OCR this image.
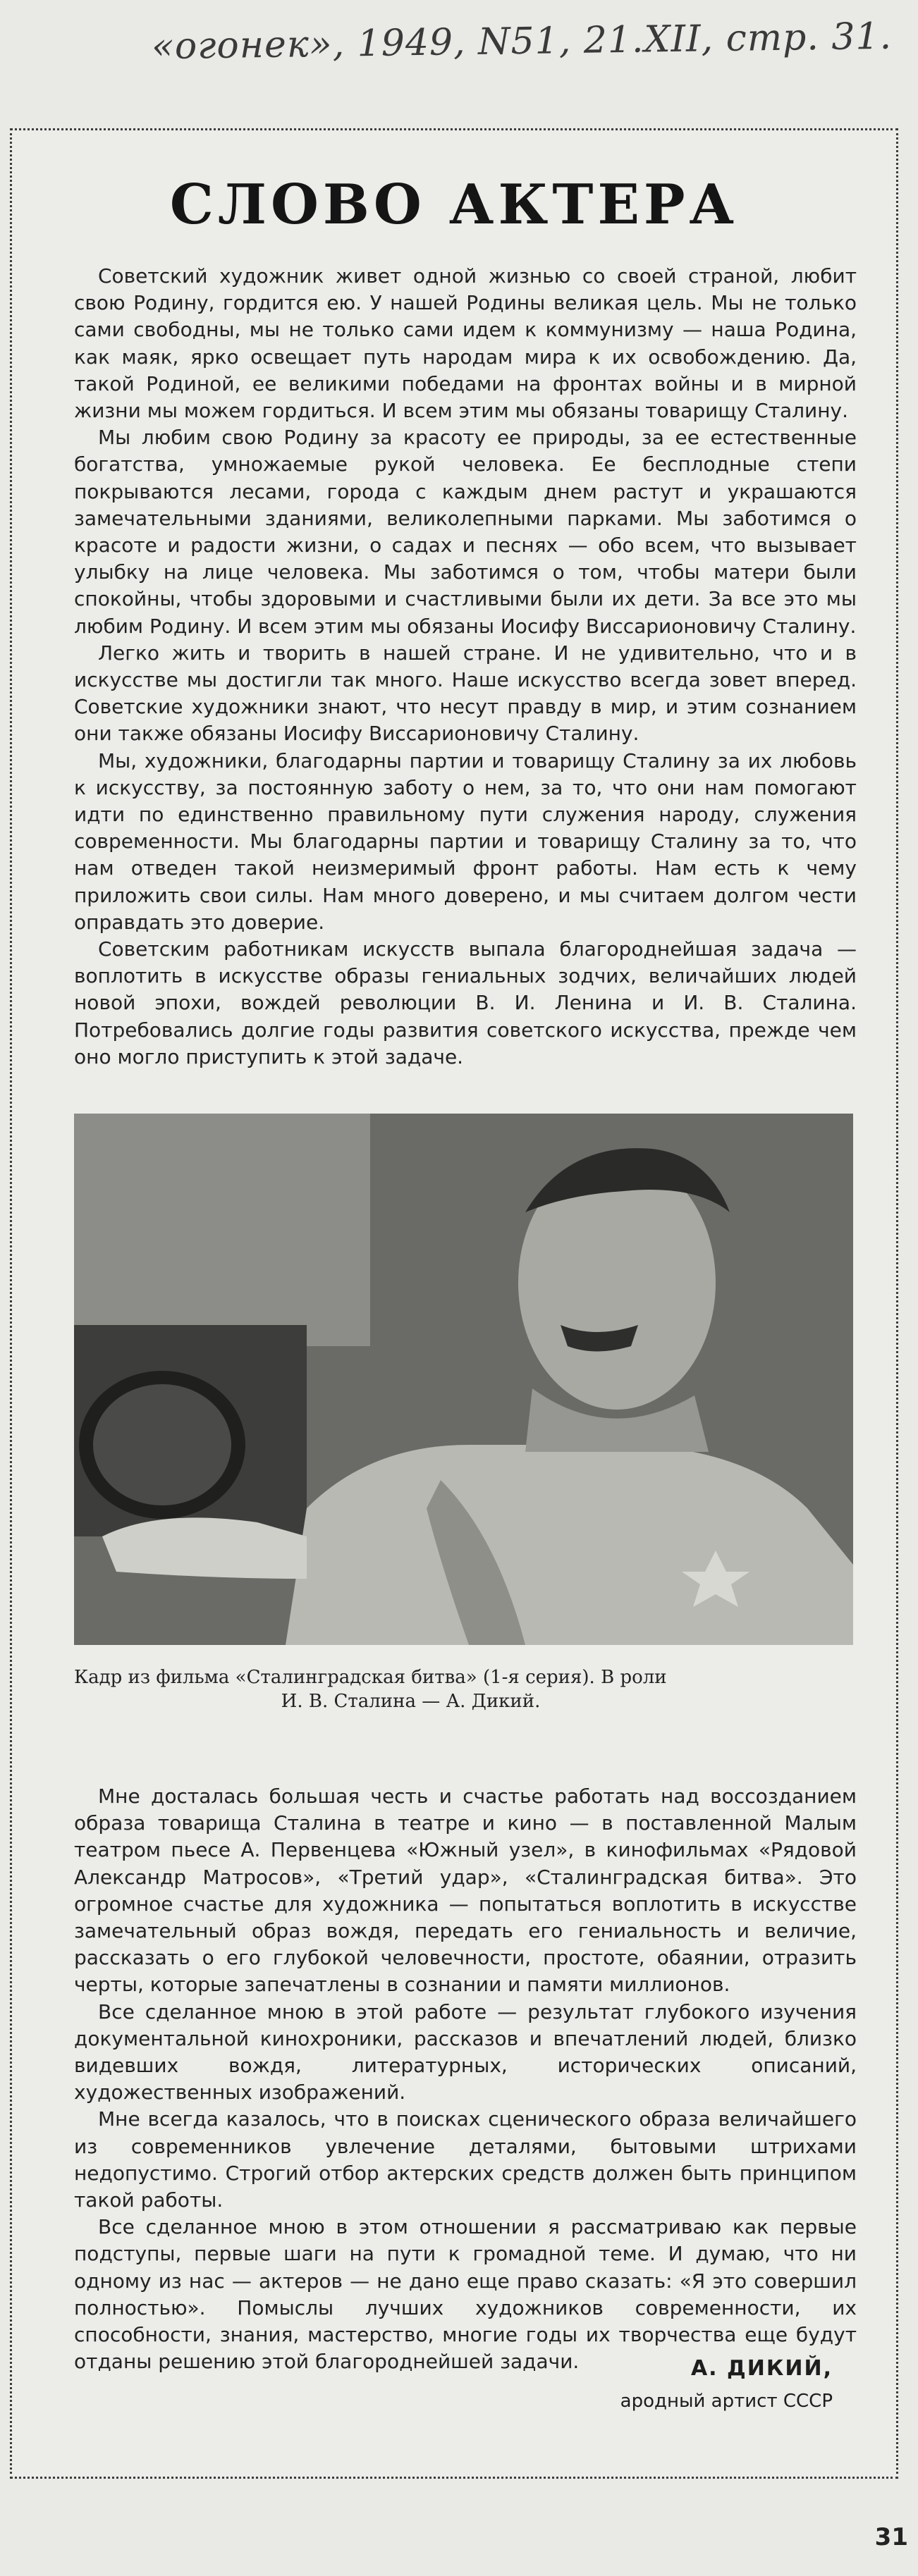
«огонек», 1949, N51, 21.XII, стр. 31.
СЛОВО АКТЕРА

Советский художник живет одной жизнью со своей страной, любит свою Родину, гордится ею. У нашей Родины великая цель. Мы не только сами свободны, мы не только сами идем к коммунизму — наша Родина, как маяк, ярко освещает путь народам мира к их освобождению. Да, такой Родиной, ее великими победами на фронтах войны и в мирной жизни мы можем гордиться. И всем этим мы обязаны товарищу Сталину.

Мы любим свою Родину за красоту ее природы, за ее естественные богатства, умножаемые рукой человека. Ее бесплодные степи покрываются лесами, города с каждым днем растут и украшаются замечательными зданиями, великолепными парками. Мы заботимся о красоте и радости жизни, о садах и песнях — обо всем, что вызывает улыбку на лице человека. Мы заботимся о том, чтобы матери были спокойны, чтобы здоровыми и счастливыми были их дети. За все это мы любим Родину. И всем этим мы обязаны Иосифу Виссарионовичу Сталину.

Легко жить и творить в нашей стране. И не удивительно, что и в искусстве мы достигли так много. Наше искусство всегда зовет вперед. Советские художники знают, что несут правду в мир, и этим сознанием они также обязаны Иосифу Виссарионовичу Сталину.

Мы, художники, благодарны партии и товарищу Сталину за их любовь к искусству, за постоянную заботу о нем, за то, что они нам помогают идти по единственно правильному пути служения народу, служения современности. Мы благодарны партии и товарищу Сталину за то, что нам отведен такой неизмеримый фронт работы. Нам есть к чему приложить свои силы. Нам много доверено, и мы считаем долгом чести оправдать это доверие.

Советским работникам искусств выпала благороднейшая задача — воплотить в искусстве образы гениальных зодчих, величайших людей новой эпохи, вождей революции В. И. Ленина и И. В. Сталина. Потребовались долгие годы развития советского искусства, прежде чем оно могло приступить к этой задаче.

Кадр из фильма «Сталинградская битва» (1-я серия). В роли
И. В. Сталина — А. Дикий.

Мне досталась большая честь и счастье работать над воссозданием образа товарища Сталина в театре и кино — в поставленной Малым театром пьесе А. Первенцева «Южный узел», в кинофильмах «Рядовой Александр Матросов», «Третий удар», «Сталинградская битва». Это огромное счастье для художника — попытаться воплотить в искусстве замечательный образ вождя, передать его гениальность и величие, рассказать о его глубокой человечности, простоте, обаянии, отразить черты, которые запечатлены в сознании и памяти миллионов.

Все сделанное мною в этой работе — результат глубокого изучения документальной кинохроники, рассказов и впечатлений людей, близко видевших вождя, литературных, исторических описаний, художественных изображений.

Мне всегда казалось, что в поисках сценического образа величайшего из современников увлечение деталями, бытовыми штрихами недопустимо. Строгий отбор актерских средств должен быть принципом такой работы.

Все сделанное мною в этом отношении я рассматриваю как первые подступы, первые шаги на пути к громадной теме. И думаю, что ни одному из нас — актеров — не дано еще право сказать: «Я это совершил полностью». Помыслы лучших художников современности, их способности, знания, мастерство, многие годы их творчества еще будут отданы решению этой благороднейшей задачи.	А. ДИКИЙ,
ародный артист СССР
31
